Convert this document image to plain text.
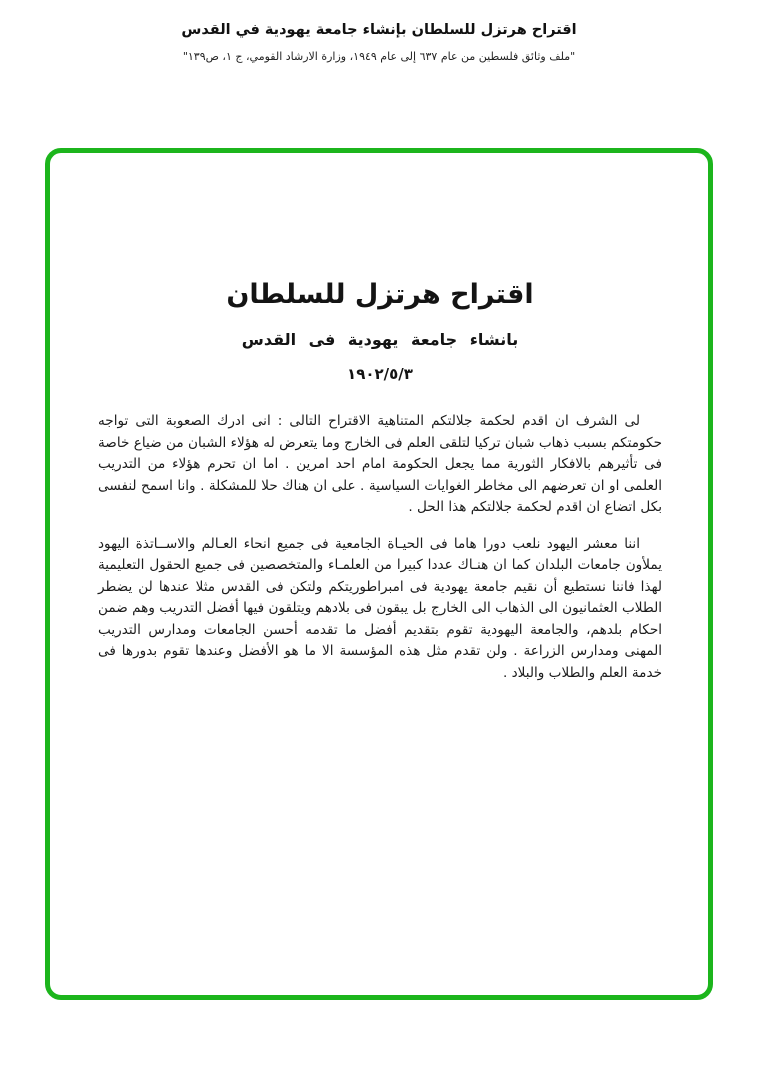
اقتراح هرتزل للسلطان بإنشاء جامعة يهودية في القدس
"ملف وثائق فلسطين من عام ٦٣٧ إلى عام ١٩٤٩، وزارة الارشاد القومي، ج ١، ص١٣٩"
اقتراح هرتزل للسلطان
بانشاء جامعة يهودية فى القدس
١٩٠٢/٥/٣

لى الشرف ان اقدم لحكمة جلالتكم المتناهية الاقتراح التالى : انى ادرك الصعوبة التى تواجه حكومتكم بسبب ذهاب شبان تركيا لتلقى العلم فى الخارج وما يتعرض له هؤلاء الشبان من ضياع خاصة فى تأثيرهم بالافكار الثورية مما يجعل الحكومة امام احد امرين . اما ان تحرم هؤلاء من التدريب العلمى او ان تعرضهم الى مخاطر الغوايات السياسية . على ان هناك حلا للمشكلة . وانا اسمح لنفسى بكل اتضاع ان اقدم لحكمة جلالتكم هذا الحل .

اننا معشر اليهود نلعب دورا هاما فى الحيـاة الجامعية فى جميع انحاء العـالم والاســاتذة اليهود يملأون جامعات البلدان كما ان هنـاك عددا كبيرا من العلمـاء والمتخصصين فى جميع الحقول التعليمية لهذا فاننا نستطيع أن نقيم جامعة يهودية فى امبراطوريتكم ولتكن فى القدس مثلا عندها لن يضطر الطلاب العثمانيون الى الذهاب الى الخارج بل يبقون فى بلادهم ويتلقون فيها أفضل التدريب وهم ضمن احكام بلدهم، والجامعة اليهودية تقوم بتقديم أفضل ما تقدمه أحسن الجامعات ومدارس التدريب المهنى ومدارس الزراعة . ولن تقدم مثل هذه المؤسسة الا ما هو الأفضل وعندها تقوم بدورها فى خدمة العلم والطلاب والبلاد .
